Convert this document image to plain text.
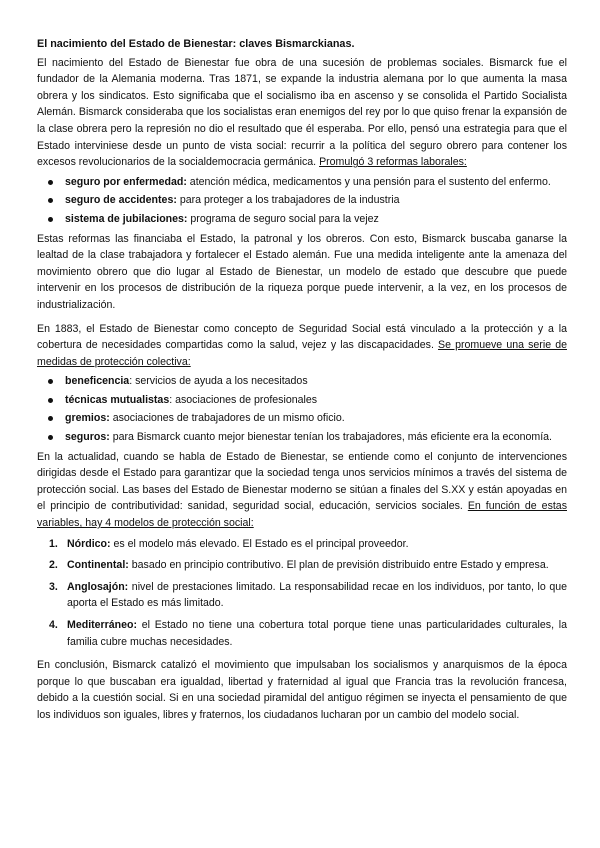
El nacimiento del Estado de Bienestar: claves Bismarckianas.

El nacimiento del Estado de Bienestar fue obra de una sucesión de problemas sociales. Bismarck fue el fundador de la Alemania moderna. Tras 1871, se expande la industria alemana por lo que aumenta la masa obrera y los sindicatos. Esto significaba que el socialismo iba en ascenso y se consolida el Partido Socialista Alemán. Bismarck consideraba que los socialistas eran enemigos del rey por lo que quiso frenar la expansión de la clase obrera pero la represión no dio el resultado que él esperaba. Por ello, pensó una estrategia para que el Estado interviniese desde un punto de vista social: recurrir a la política del seguro obrero para contener los excesos revolucionarios de la socialdemocracia germánica. Promulgó 3 reformas laborales:

seguro por enfermedad: atención médica, medicamentos y una pensión para el sustento del enfermo.
seguro de accidentes: para proteger a los trabajadores de la industria
sistema de jubilaciones: programa de seguro social para la vejez

Estas reformas las financiaba el Estado, la patronal y los obreros. Con esto, Bismarck buscaba ganarse la lealtad de la clase trabajadora y fortalecer el Estado alemán. Fue una medida inteligente ante la amenaza del movimiento obrero que dio lugar al Estado de Bienestar, un modelo de estado que descubre que puede intervenir en los procesos de distribución de la riqueza porque puede intervenir, a la vez, en los procesos de industrialización.

En 1883, el Estado de Bienestar como concepto de Seguridad Social está vinculado a la protección y a la cobertura de necesidades compartidas como la salud, vejez y las discapacidades. Se promueve una serie de medidas de protección colectiva:

beneficencia: servicios de ayuda a los necesitados
técnicas mutualistas: asociaciones de profesionales
gremios: asociaciones de trabajadores de un mismo oficio.
seguros: para Bismarck cuanto mejor bienestar tenían los trabajadores, más eficiente era la economía.

En la actualidad, cuando se habla de Estado de Bienestar, se entiende como el conjunto de intervenciones dirigidas desde el Estado para garantizar que la sociedad tenga unos servicios mínimos a través del sistema de protección social. Las bases del Estado de Bienestar moderno se sitúan a finales del S.XX y están apoyadas en el principio de contributividad: sanidad, seguridad social, educación, servicios sociales. En función de estas variables, hay 4 modelos de protección social:

1. Nórdico: es el modelo más elevado. El Estado es el principal proveedor.
2. Continental: basado en principio contributivo. El plan de previsión distribuido entre Estado y empresa.
3. Anglosajón: nivel de prestaciones limitado. La responsabilidad recae en los individuos, por tanto, lo que aporta el Estado es más limitado.
4. Mediterráneo: el Estado no tiene una cobertura total porque tiene unas particularidades culturales, la familia cubre muchas necesidades.

En conclusión, Bismarck catalizó el movimiento que impulsaban los socialismos y anarquismos de la época porque lo que buscaban era igualdad, libertad y fraternidad al igual que Francia tras la revolución francesa, debido a la cuestión social. Si en una sociedad piramidal del antiguo régimen se inyecta el pensamiento de que los individuos son iguales, libres y fraternos, los ciudadanos lucharan por un cambio del modelo social.
